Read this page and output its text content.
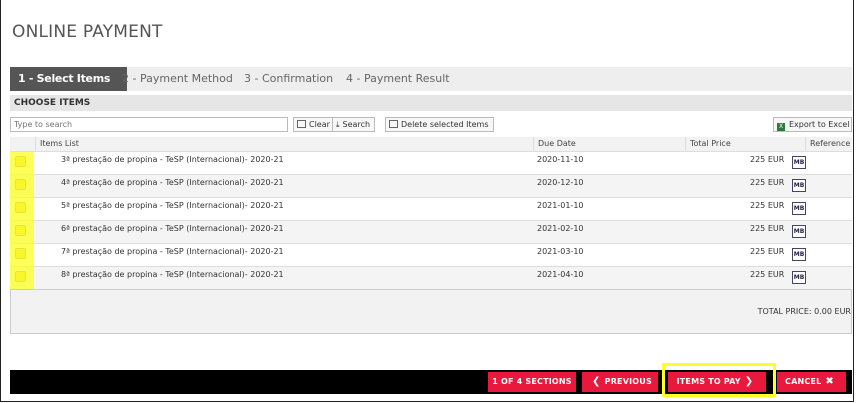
ONLINE PAYMENT
1 - Select Items	2 - Payment Method	3 - Confirmation	4 - Payment Result
CHOOSE ITEMS
Type to search
Clear ⤓ Search	Delete selected Items	X Export to Excel
Items List	Due Date	Total Price	Reference
3ª prestação de propina - TeSP (Internacional)- 2020-21	2020-11-10	225 EUR	MB
4ª prestação de propina - TeSP (Internacional)- 2020-21	2020-12-10	225 EUR	MB
5ª prestação de propina - TeSP (Internacional)- 2020-21	2021-01-10	225 EUR	MB
6ª prestação de propina - TeSP (Internacional)- 2020-21	2021-02-10	225 EUR	MB
7ª prestação de propina - TeSP (Internacional)- 2020-21	2021-03-10	225 EUR	MB
8ª prestação de propina - TeSP (Internacional)- 2020-21	2021-04-10	225 EUR	MB
TOTAL PRICE: 0.00 EUR
1 OF 4 SECTIONS	❮ PREVIOUS	ITEMS TO PAY ❯	CANCEL ✖
